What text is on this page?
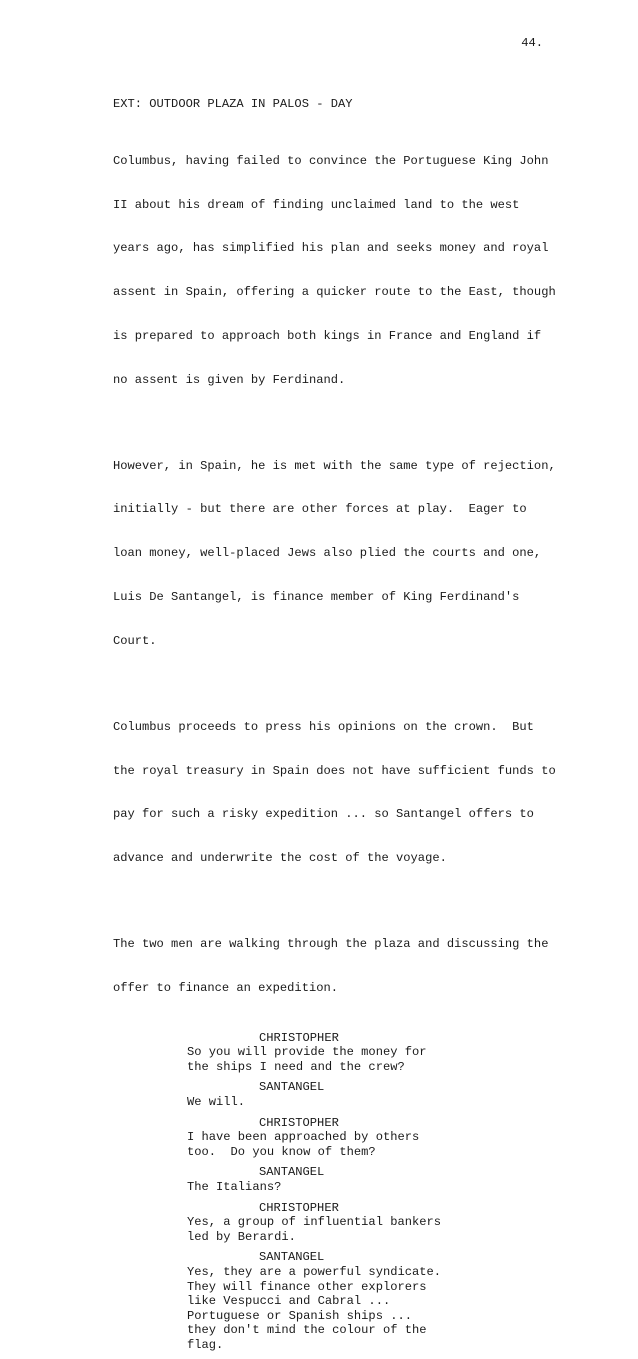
44.
EXT: OUTDOOR PLAZA IN PALOS - DAY

Columbus, having failed to convince the Portuguese King John

II about his dream of finding unclaimed land to the west

years ago, has simplified his plan and seeks money and royal

assent in Spain, offering a quicker route to the East, though

is prepared to approach both kings in France and England if

no assent is given by Ferdinand.

However, in Spain, he is met with the same type of rejection,

initially - but there are other forces at play.  Eager to

loan money, well-placed Jews also plied the courts and one,

Luis De Santangel, is finance member of King Ferdinand's

Court.

Columbus proceeds to press his opinions on the crown.  But

the royal treasury in Spain does not have sufficient funds to

pay for such a risky expedition ... so Santangel offers to

advance and underwrite the cost of the voyage.

The two men are walking through the plaza and discussing the

offer to finance an expedition.

CHRISTOPHER
So you will provide the money for
the ships I need and the crew?
SANTANGEL
We will.
CHRISTOPHER
I have been approached by others
too.  Do you know of them?
SANTANGEL
The Italians?
CHRISTOPHER
Yes, a group of influential bankers
led by Berardi.
SANTANGEL
Yes, they are a powerful syndicate.
They will finance other explorers
like Vespucci and Cabral ...
Portuguese or Spanish ships ...
they don't mind the colour of the
flag.
